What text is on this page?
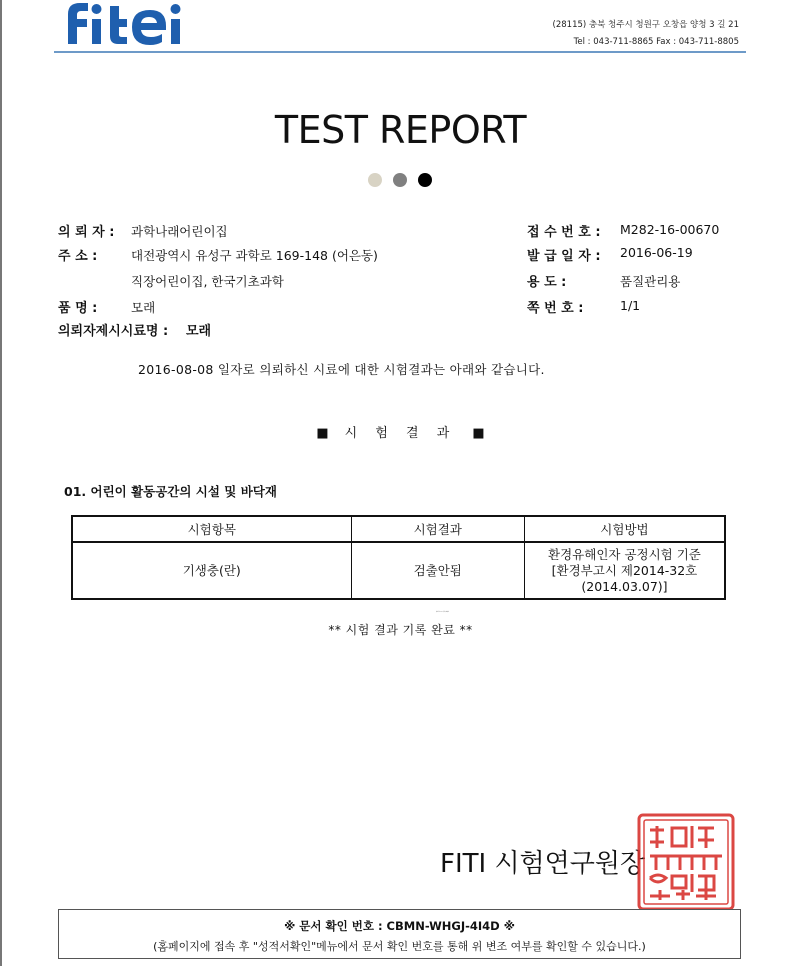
(28115) 충북 청주시 청원구 오창읍 양청 3 길 21
Tel : 043-711-8865 Fax : 043-711-8805
TEST REPORT
의 뢰 자 : 과학나래어린이집
주 소 :	대전광역시 유성구 과학로 169-148 (어은동)
직장어린이집, 한국기초과학
품 명 :	모래
의뢰자제시시료명 : 모래
접 수 번 호 : M282-16-00670
발 급 일 자 : 2016-06-19
용 도 :	품질관리용
쪽 번 호 :	1/1
2016-08-08 일자로 의뢰하신 시료에 대한 시험결과는 아래와 같습니다.
■ 시 험 결 과 ■
01. 어린이 활동공간의 시설 및 바닥재
시험항목	시험결과	시험방법
기생충(란)	검출안됨	환경유해인자 공정시험 기준
[환경부고시 제2014-32호
(2014.03.07)]
** 시험 결과 기록 완료 **
FITI 시험연구원장
재단법인 FITI 시험연구원장인
※ 문서 확인 번호 : CBMN-WHGJ-4I4D ※
(홈페이지에 접속 후 "성적서확인"메뉴에서 문서 확인 번호를 통해 위 변조 여부를 확인할 수 있습니다.)
